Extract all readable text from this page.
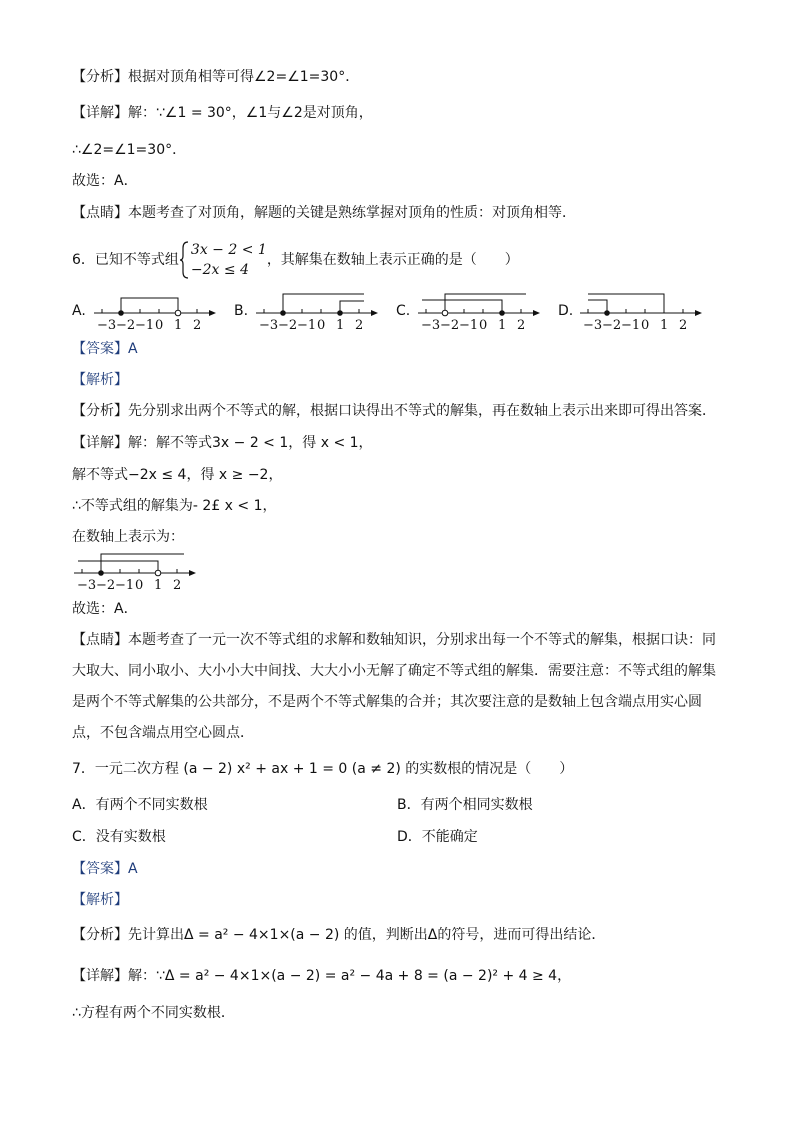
【分析】根据对顶角相等可得∠2=∠1=30°．
【详解】解：∵∠1 = 30°，∠1与∠2是对顶角，
∴∠2=∠1=30°．
故选：A．
【点睛】本题考查了对顶角，解题的关键是熟练掌握对顶角的性质：对顶角相等．
6．已知不等式组
3x − 2 < 1
−2x ≤ 4
，其解集在数轴上表示正确的是（　　）
A.	B.	C.	D.
−3 −2 −1 0 1 2	−3 −2 −1 0 1 2	−3 −2 −1 0 1 2	−3 −2 −1 0 1 2
【答案】A
【解析】
【分析】先分别求出两个不等式的解，根据口诀得出不等式的解集，再在数轴上表示出来即可得出答案．
【详解】解：解不等式3x − 2 < 1，得 x < 1，
解不等式−2x ≤ 4，得 x ≥ −2，
∴不等式组的解集为- 2£ x < 1，
在数轴上表示为：
−3 −2 −1 0 1 2
故选：A．
【点睛】本题考查了一元一次不等式组的求解和数轴知识，分别求出每一个不等式的解集，根据口诀：同
大取大、同小取小、大小小大中间找、大大小小无解了确定不等式组的解集．需要注意：不等式组的解集
是两个不等式解集的公共部分，不是两个不等式解集的合并；其次要注意的是数轴上包含端点用实心圆
点，不包含端点用空心圆点．
7．一元二次方程 (a − 2) x² + ax + 1 = 0 (a ≠ 2) 的实数根的情况是（　　）
A．有两个不同实数根	B．有两个相同实数根
C．没有实数根	D．不能确定
【答案】A
【解析】
【分析】先计算出Δ = a² − 4×1×(a − 2) 的值，判断出Δ的符号，进而可得出结论．
【详解】解：∵Δ = a² − 4×1×(a − 2) = a² − 4a + 8 = (a − 2)² + 4 ≥ 4，
∴方程有两个不同实数根．
